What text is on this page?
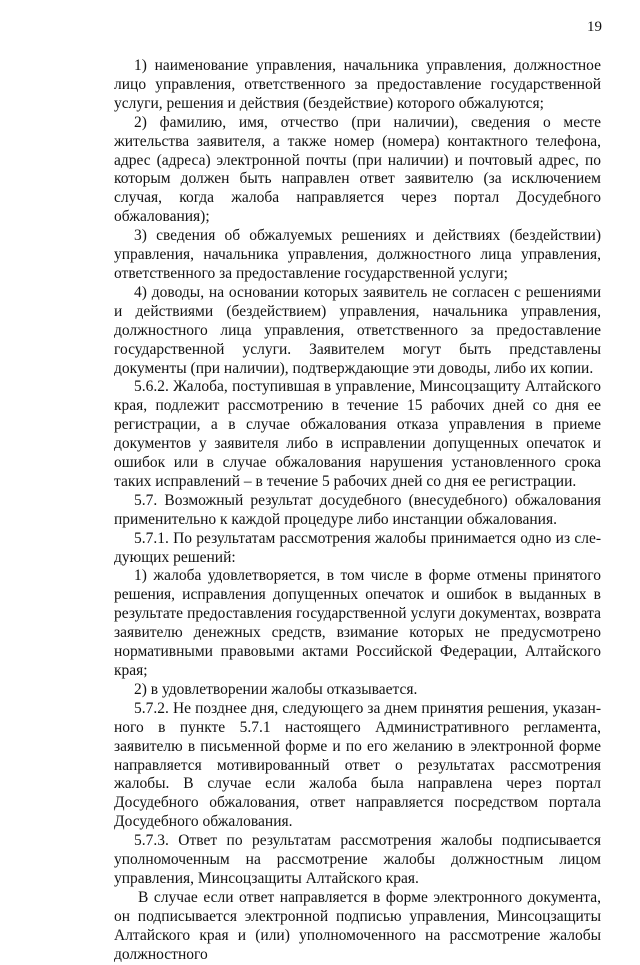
19

1) наименование управления, начальника управления, должностное лицо управления, ответственного за предоставление государственной услуги, решения и действия (бездействие) которого обжалуются;

2) фамилию, имя, отчество (при наличии), сведения о месте жительства заявителя, а также номер (номера) контактного телефона, адрес (адреса) электронной почты (при наличии) и почтовый адрес, по которым должен быть направлен ответ заявителю (за исключением случая, когда жалоба направляется через портал Досудебного обжалования);

3) сведения об обжалуемых решениях и действиях (бездействии) управления, начальника управления, должностного лица управления, ответственного за предоставление государственной услуги;

4) доводы, на основании которых заявитель не согласен с решениями и действиями (бездействием) управления, начальника управления, должностного лица управления, ответственного за предоставление государственной услуги. Заявителем могут быть представлены документы (при наличии), подтверждающие эти доводы, либо их копии.

5.6.2. Жалоба, поступившая в управление, Минсоцзащиту Алтайского края, подлежит рассмотрению в течение 15 рабочих дней со дня ее регистрации, а в случае обжалования отказа управления в приеме документов у заявителя либо в исправлении допущенных опечаток и ошибок или в случае обжалования нарушения установленного срока таких исправлений – в течение 5 рабочих дней со дня ее регистрации.

5.7. Возможный результат досудебного (внесудебного) обжалования применительно к каждой процедуре либо инстанции обжалования.

5.7.1. По результатам рассмотрения жалобы принимается одно из следующих решений:

1) жалоба удовлетворяется, в том числе в форме отмены принятого решения, исправления допущенных опечаток и ошибок в выданных в результате предоставления государственной услуги документах, возврата заявителю денежных средств, взимание которых не предусмотрено нормативными правовыми актами Российской Федерации, Алтайского края;

2) в удовлетворении жалобы отказывается.

5.7.2. Не позднее дня, следующего за днем принятия решения, указанного в пункте 5.7.1 настоящего Административного регламента, заявителю в письменной форме и по его желанию в электронной форме направляется мотивированный ответ о результатах рассмотрения жалобы. В случае если жалоба была направлена через портал Досудебного обжалования, ответ направляется посредством портала Досудебного обжалования.

5.7.3. Ответ по результатам рассмотрения жалобы подписывается уполномоченным на рассмотрение жалобы должностным лицом управления, Минсоцзащиты Алтайского края.

В случае если ответ направляется в форме электронного документа, он подписывается электронной подписью управления, Минсоцзащиты Алтайского края и (или) уполномоченного на рассмотрение жалобы должностного
